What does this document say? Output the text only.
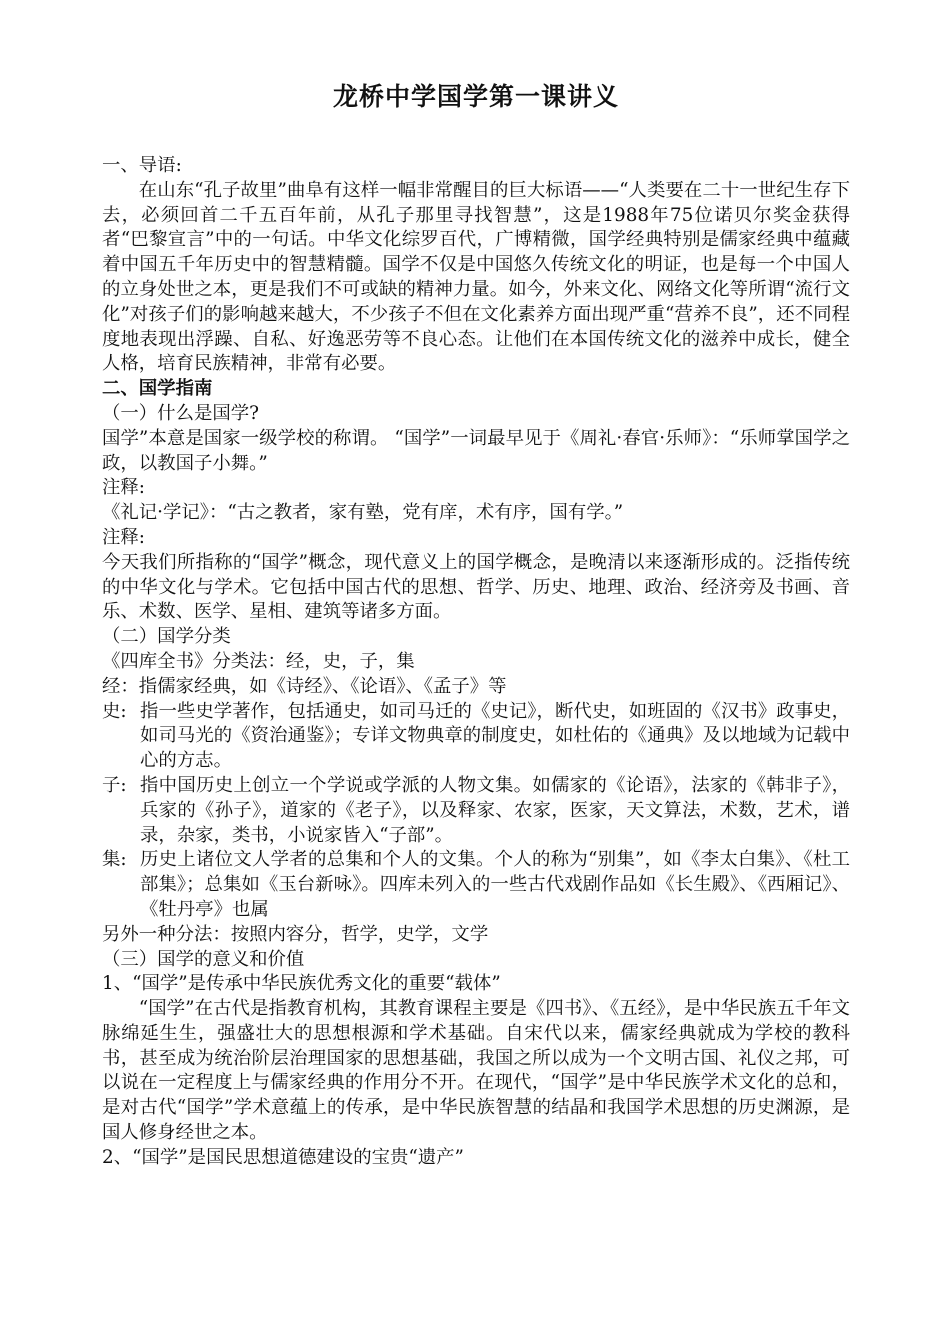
龙桥中学国学第一课讲义
一、导语:

在山东“孔子故里”曲阜有这样一幅非常醒目的巨大标语——“人类要在二十一世纪生存下去，必须回首二千五百年前，从孔子那里寻找智慧”，这是1988年75位诺贝尔奖金获得者“巴黎宣言”中的一句话。中华文化综罗百代，广博精微，国学经典特别是儒家经典中蕴藏着中国五千年历史中的智慧精髓。国学不仅是中国悠久传统文化的明证，也是每一个中国人的立身处世之本，更是我们不可或缺的精神力量。如今，外来文化、网络文化等所谓“流行文化”对孩子们的影响越来越大，不少孩子不但在文化素养方面出现严重“营养不良”，还不同程度地表现出浮躁、自私、好逸恶劳等不良心态。让他们在本国传统文化的滋养中成长，健全人格，培育民族精神，非常有必要。

二、国学指南
（一）什么是国学?

国学”本意是国家一级学校的称谓。 “国学”一词最早见于《周礼·春官·乐师》：“乐师掌国学之政，以教国子小舞。”

注释:
《礼记·学记》：“古之教者，家有塾，党有庠，术有序，国有学。”
注释:

今天我们所指称的“国学”概念，现代意义上的国学概念，是晚清以来逐渐形成的。泛指传统的中华文化与学术。它包括中国古代的思想、哲学、历史、地理、政治、经济旁及书画、音乐、术数、医学、星相、建筑等诸多方面。

（二）国学分类
《四库全书》分类法：经，史，子，集
经：指儒家经典，如《诗经》、《论语》、《孟子》等
史: 指一些史学著作，包括通史，如司马迁的《史记》，断代史，如班固的《汉书》政事史，如司马光的《资治通鉴》；专详文物典章的制度史，如杜佑的《通典》及以地域为记载中心的方志。
子: 指中国历史上创立一个学说或学派的人物文集。如儒家的《论语》，法家的《韩非子》，兵家的《孙子》，道家的《老子》，以及释家、农家，医家，天文算法，术数，艺术，谱录，杂家，类书，小说家皆入“子部”。
集: 历史上诸位文人学者的总集和个人的文集。个人的称为“别集”，如《李太白集》、《杜工部集》；总集如《玉台新咏》。四库未列入的一些古代戏剧作品如《长生殿》、《西厢记》、《牡丹亭》也属
另外一种分法：按照内容分，哲学，史学，文学
（三）国学的意义和价值
1、“国学”是传承中华民族优秀文化的重要“载体”

“国学”在古代是指教育机构，其教育课程主要是《四书》、《五经》，是中华民族五千年文脉绵延生生，强盛壮大的思想根源和学术基础。自宋代以来，儒家经典就成为学校的教科书，甚至成为统治阶层治理国家的思想基础，我国之所以成为一个文明古国、礼仪之邦，可以说在一定程度上与儒家经典的作用分不开。在现代，“国学”是中华民族学术文化的总和，是对古代“国学”学术意蕴上的传承，是中华民族智慧的结晶和我国学术思想的历史渊源，是国人修身经世之本。

2、“国学”是国民思想道德建设的宝贵“遗产”
